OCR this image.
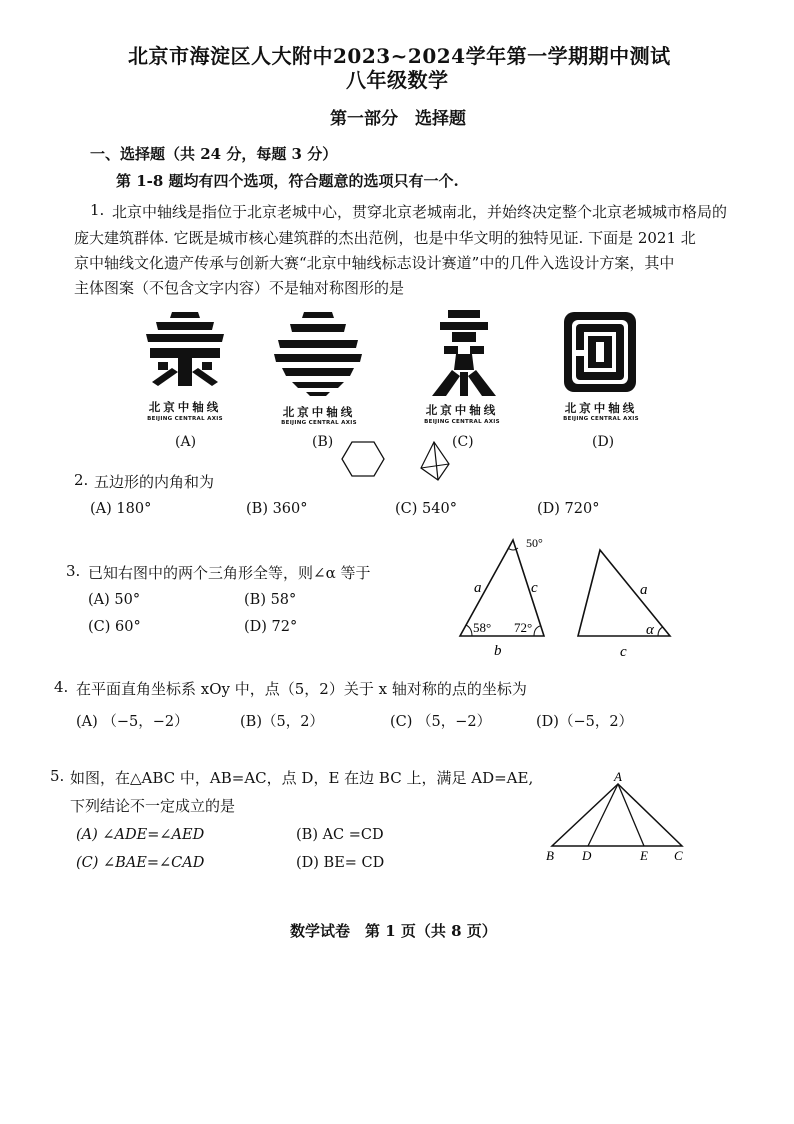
北京市海淀区人大附中2023~2024学年第一学期期中测试
八年级数学
第一部分　选择题
一、选择题（共 24 分，每题 3 分）
第 1-8 题均有四个选项，符合题意的选项只有一个.
1. 北京中轴线是指位于北京老城中心，贯穿北京老城南北，并始终决定整个北京老城城市格局的
庞大建筑群体. 它既是城市核心建筑群的杰出范例，也是中华文明的独特见证. 下面是 2021 北
京中轴线文化遗产传承与创新大赛“北京中轴线标志设计赛道”中的几件入选设计方案，其中
主体图案（不包含文字内容）不是轴对称图形的是
北京中轴线
BEIJING CENTRAL AXIS
(A)
北京中轴线
BEIJING CENTRAL AXIS
(B)
北京中轴线
BEIJING CENTRAL AXIS
(C)
北京中轴线
BEIJING CENTRAL AXIS
(D)
2. 五边形的内角和为
(A) 180°	(B) 360°	(C) 540°	(D) 720°
3. 已知右图中的两个三角形全等，则∠α 等于
(A) 50°	(B) 58°
(C) 60°	(D) 72°
50°
a	c
58° 72°
b
a
α
c
4. 在平面直角坐标系 xOy 中，点（5，2）关于 x 轴对称的点的坐标为
(A) （−5，−2）	(B)（5，2）	(C) （5，−2）	(D)（−5，2）
5. 如图，在△ABC 中，AB=AC，点 D，E 在边 BC 上，满足 AD=AE,
下列结论不一定成立的是
(A) ∠ADE=∠AED	(B) AC =CD
(C) ∠BAE=∠CAD	(D) BE= CD
A
B D	E C
数学试卷　第 1 页（共 8 页）
